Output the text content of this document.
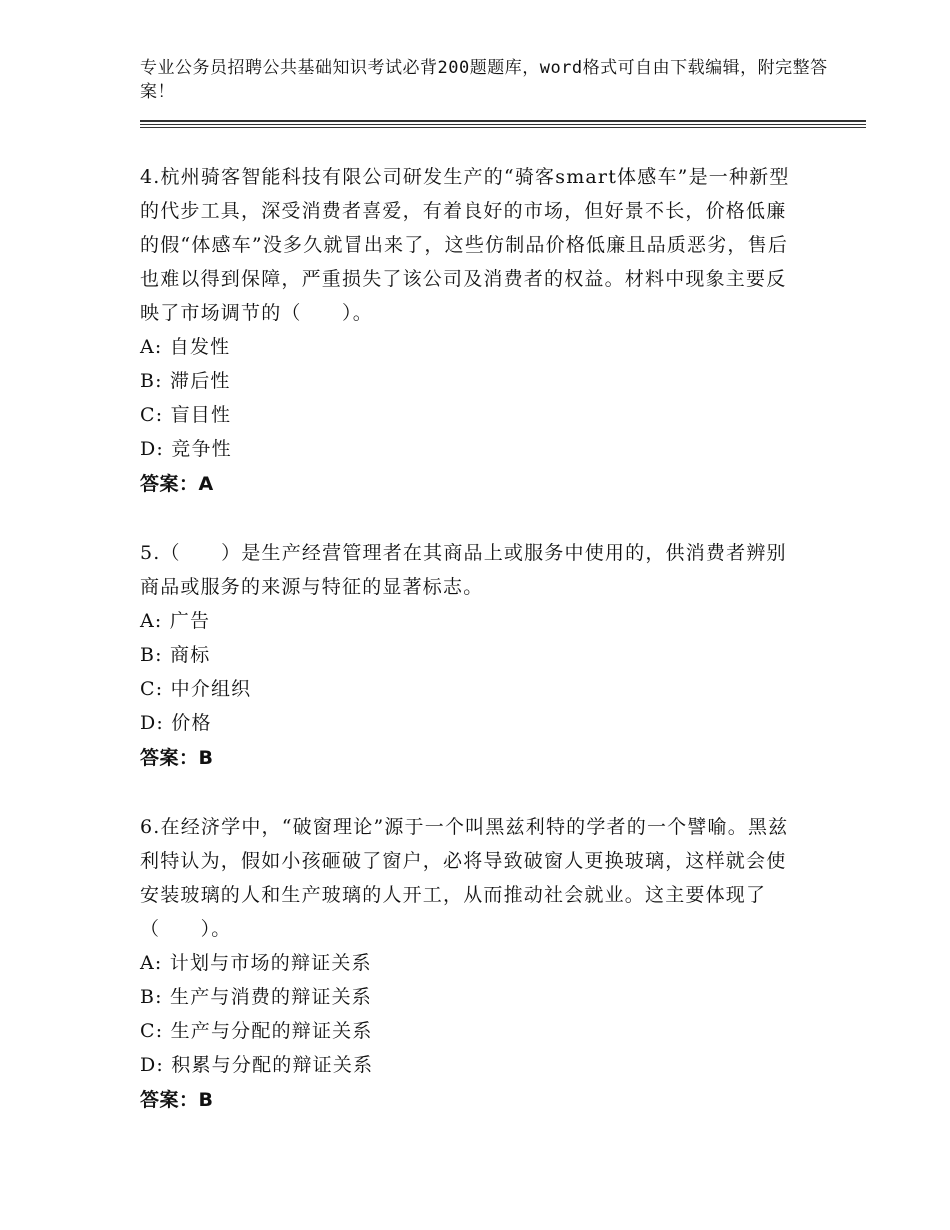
专业公务员招聘公共基础知识考试必背200题题库，word格式可自由下载编辑，附完整答案！
4.杭州骑客智能科技有限公司研发生产的“骑客smart体感车”是一种新型的代步工具，深受消费者喜爱，有着良好的市场，但好景不长，价格低廉的假“体感车”没多久就冒出来了，这些仿制品价格低廉且品质恶劣，售后也难以得到保障，严重损失了该公司及消费者的权益。材料中现象主要反映了市场调节的（　　）。
A: 自发性
B: 滞后性
C: 盲目性
D: 竞争性
答案：A
5.（　　）是生产经营管理者在其商品上或服务中使用的，供消费者辨别商品或服务的来源与特征的显著标志。
A: 广告
B: 商标
C: 中介组织
D: 价格
答案：B
6.在经济学中，“破窗理论”源于一个叫黑兹利特的学者的一个譬喻。黑兹利特认为，假如小孩砸破了窗户，必将导致破窗人更换玻璃，这样就会使安装玻璃的人和生产玻璃的人开工，从而推动社会就业。这主要体现了（　　）。
A: 计划与市场的辩证关系
B: 生产与消费的辩证关系
C: 生产与分配的辩证关系
D: 积累与分配的辩证关系
答案：B
